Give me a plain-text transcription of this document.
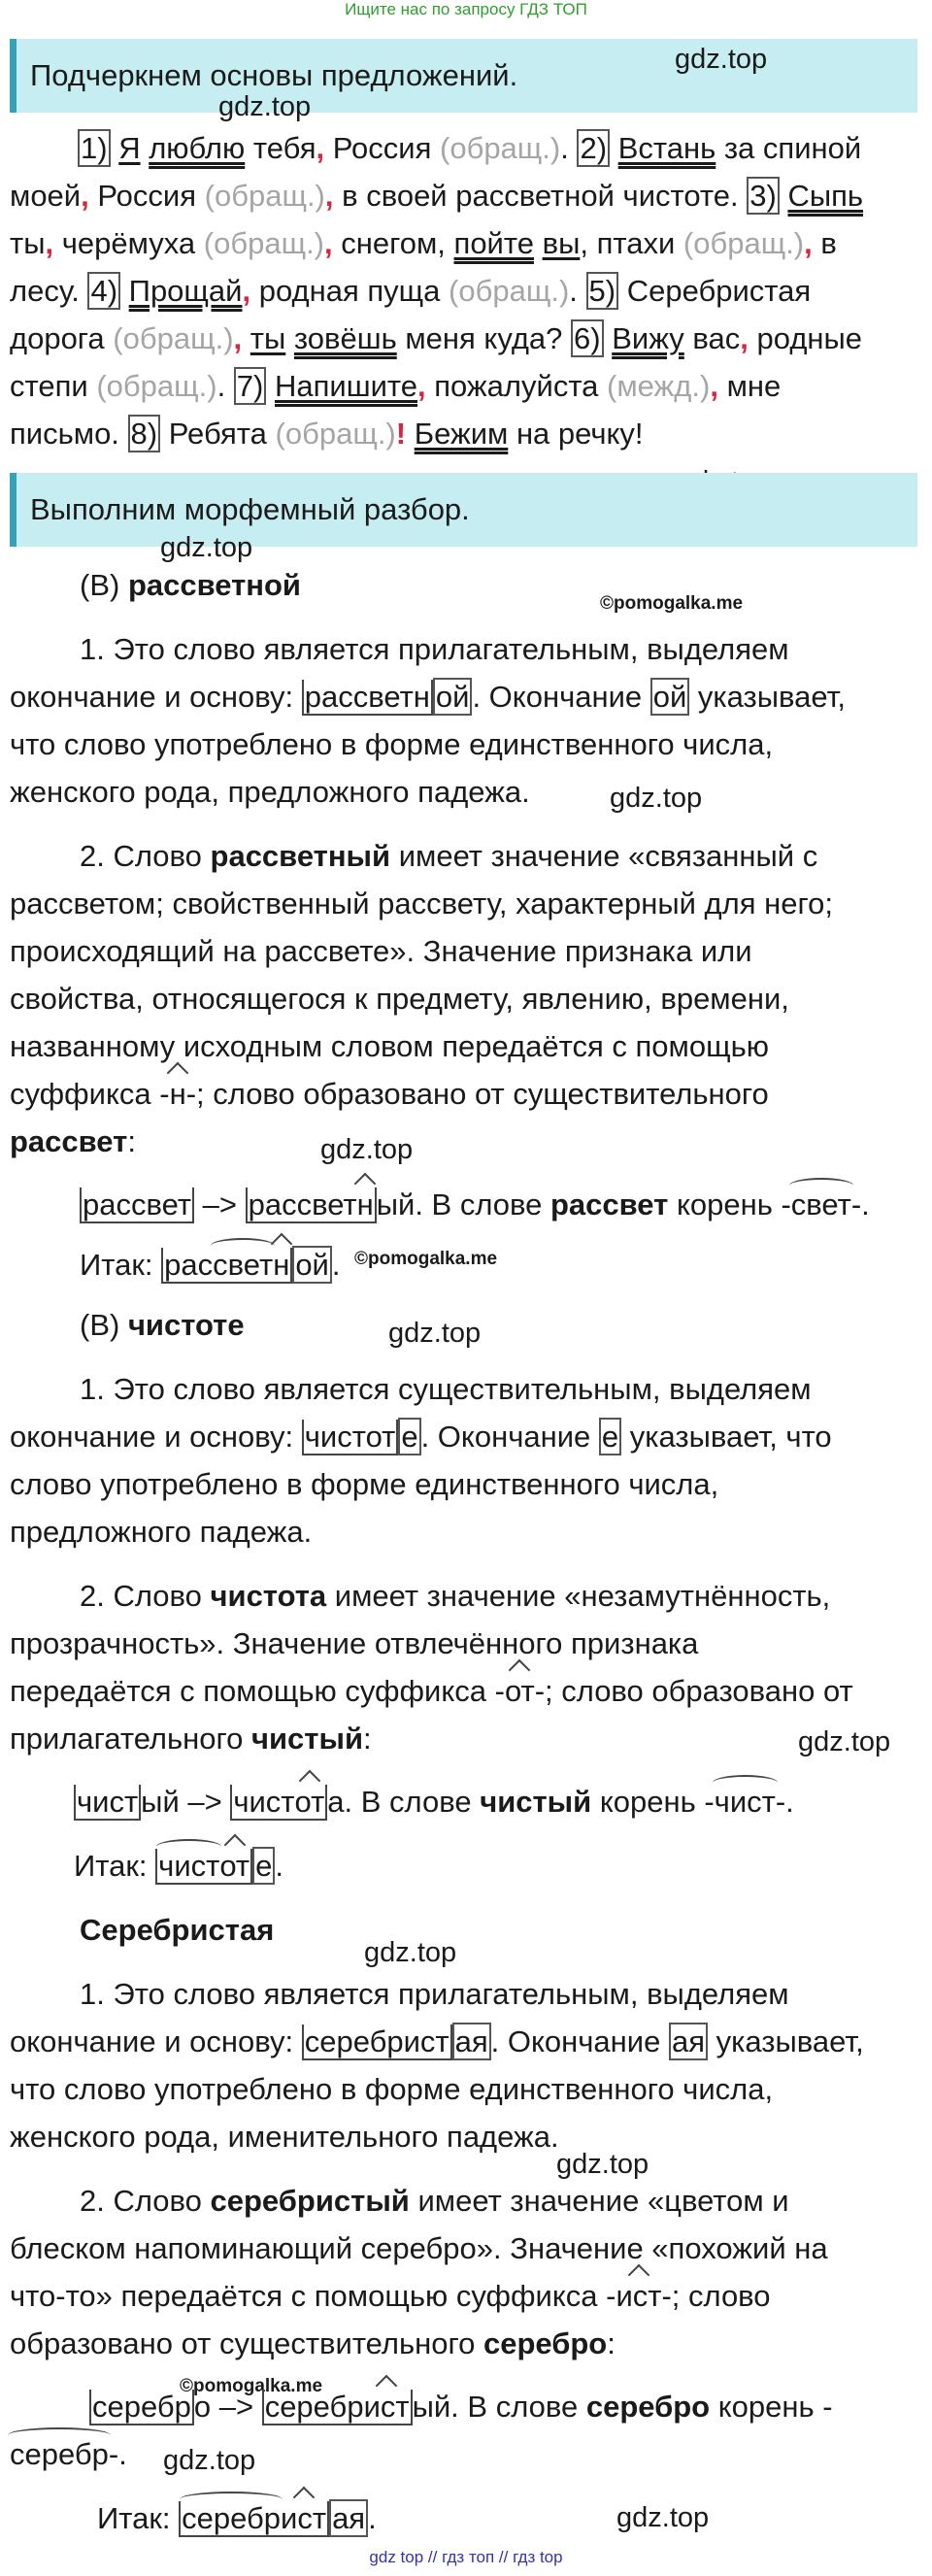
Ищите нас по запросу ГДЗ ТОП
Подчеркнем основы предложений.	gdz.top
gdz.top
1) Я люблю тебя, Россия (обращ.). 2) Встань за спиной
моей, Россия (обращ.), в своей рассветной чистоте. 3) Сыпь
ты, черёмуха (обращ.), снегом, пойте вы, птахи (обращ.), в
лесу. 4) Прощай, родная пуща (обращ.). 5) Серебристая
дорога (обращ.), ты зовёшь меня куда? 6) Вижу вас, родные
степи (обращ.). 7) Напишите, пожалуйста (межд.), мне
письмо. 8) Ребята (обращ.)! Бежим на речку!
Выполним морфемный разбор.
gdz.top
(В) рассветной
©pomogalka.me
1. Это слово является прилагательным, выделяем
окончание и основу: рассветн ой. Окончание ой указывает,
что слово употреблено в форме единственного числа,
женского рода, предложного падежа.	gdz.top
2. Слово рассветный имеет значение «связанный с
рассветом; свойственный рассвету, характерный для него;
происходящий на рассвете». Значение признака или
свойства, относящегося к предмету, явлению, времени,
названному исходным словом передаётся с помощью
суффикса -н-; слово образовано от существительного
рассвет:	gdz.top
рассвет –> рассветный. В слове рассвет корень -свет-.
Итак: рассветн ой. ©pomogalka.me
(В) чистоте	gdz.top
1. Это слово является существительным, выделяем
окончание и основу: чистот е. Окончание е указывает, что
слово употреблено в форме единственного числа,
предложного падежа.
2. Слово чистота имеет значение «незамутнённость,
прозрачность». Значение отвлечённого признака
передаётся с помощью суффикса -от-; слово образовано от
прилагательного чистый:	gdz.top
чистый –> чистота. В слове чистый корень -чист-.
Итак: чистот е.
Серебристая
gdz.top
1. Это слово является прилагательным, выделяем
окончание и основу: серебрист ая. Окончание ая указывает,
что слово употреблено в форме единственного числа,
женского рода, именительного падежа.
gdz.top
2. Слово серебристый имеет значение «цветом и
блеском напоминающий серебро». Значение «похожий на
что-то» передаётся с помощью суффикса -ист-; слово
образовано от существительного серебро:
©pomogalka.me
серебро –> серебристый. В слове серебро корень -
серебр-. gdz.top
Итак: серебрист ая.	gdz.top
gdz top // гдз топ // гдз top
